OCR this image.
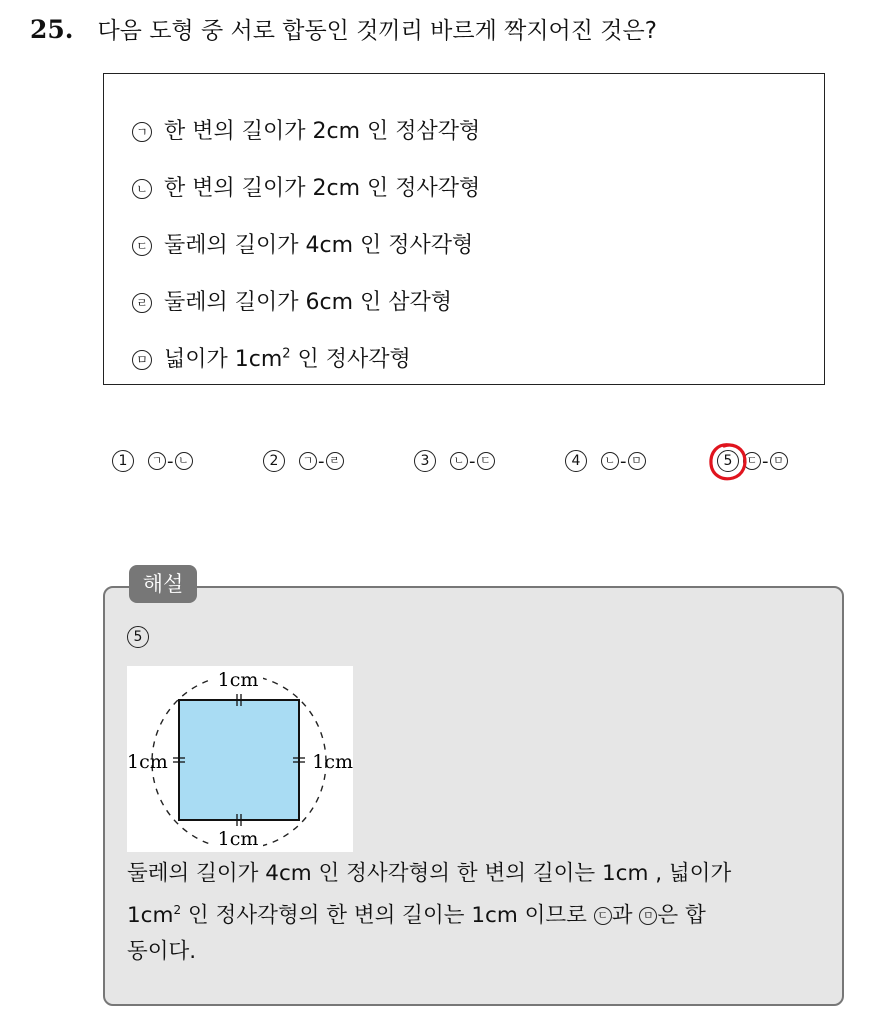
25. 다음 도형 중 서로 합동인 것끼리 바르게 짝지어진 것은?
ㄱ 한 변의 길이가 2cm 인 정삼각형
ㄴ 한 변의 길이가 2cm 인 정사각형
ㄷ 둘레의 길이가 4cm 인 정사각형
ㄹ 둘레의 길이가 6cm 인 삼각형
ㅁ 넓이가 $1cm^2$ 인 정사각형
1	ㄱ - ㄴ	2	ㄱ - ㄹ	3	ㄴ - ㄷ	4	ㄴ - ㅁ	5	ㄷ - ㅁ
5
1cm
1cm
1cm	1cm
둘레의 길이가 4cm 인 정사각형의 한 변의 길이는 1cm , 넓이가
$1cm^2$ 인 정사각형의 한 변의 길이는 1cm 이므로 ㄷ 과 ㅁ 은 합
동이다.
해설
